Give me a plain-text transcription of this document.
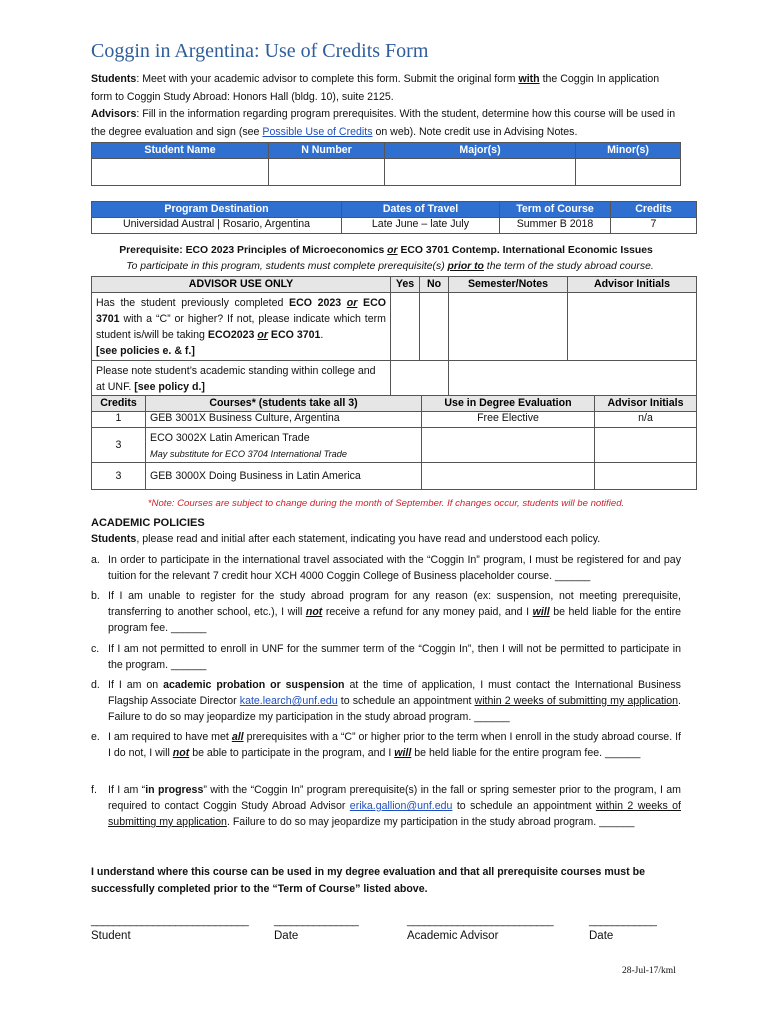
Coggin in Argentina: Use of Credits Form
Students: Meet with your academic advisor to complete this form. Submit the original form with the Coggin In application form to Coggin Study Abroad: Honors Hall (bldg. 10), suite 2125.
Advisors: Fill in the information regarding program prerequisites. With the student, determine how this course will be used in the degree evaluation and sign (see Possible Use of Credits on web). Note credit use in Advising Notes.
Student Name	N Number	Major(s)	Minor(s)

Program Destination	Dates of Travel	Term of Course	Credits
Universidad Austral | Rosario, Argentina	Late June – late July	Summer B 2018	7
Prerequisite: ECO 2023 Principles of Microeconomics or ECO 3701 Contemp. International Economic Issues
To participate in this program, students must complete prerequisite(s) prior to the term of the study abroad course.
ADVISOR USE ONLY	Yes	No	Semester/Notes	Advisor Initials
Has the student previously completed ECO 2023 or ECO 3701 with a “C” or higher? If not, please indicate which term student is/will be taking ECO2023 or ECO 3701.
[see policies e. & f.]				
Please note student’s academic standing within college and at UNF. [see policy d.]				
Credits	Courses* (students take all 3)	Use in Degree Evaluation	Advisor Initials
1	GEB 3001X Business Culture, Argentina	Free Elective	n/a
3	ECO 3002X Latin American Trade
May substitute for ECO 3704 International Trade		

3	GEB 3000X Doing Business in Latin America		
*Note: Courses are subject to change during the month of September. If changes occur, students will be notified.
ACADEMIC POLICIES
Students, please read and initial after each statement, indicating you have read and understood each policy.
a. In order to participate in the international travel associated with the “Coggin In” program, I must be registered for and pay tuition for the relevant 7 credit hour XCH 4000 Coggin College of Business placeholder course. ______
b. If I am unable to register for the study abroad program for any reason (ex: suspension, not meeting prerequisite, transferring to another school, etc.), I will not receive a refund for any money paid, and I will be held liable for the entire program fee. ______
c. If I am not permitted to enroll in UNF for the summer term of the “Coggin In”, then I will not be permitted to participate in the program. ______
d. If I am on academic probation or suspension at the time of application, I must contact the International Business Flagship Associate Director kate.learch@unf.edu to schedule an appointment within 2 weeks of submitting my application. Failure to do so may jeopardize my participation in the study abroad program. ______
e. I am required to have met all prerequisites with a “C” or higher prior to the term when I enroll in the study abroad course. If I do not, I will not be able to participate in the program, and I will be held liable for the entire program fee. ______
f. If I am “in progress” with the “Coggin In” program prerequisite(s) in the fall or spring semester prior to the program, I am required to contact Coggin Study Abroad Advisor erika.gallion@unf.edu to schedule an appointment within 2 weeks of submitting my application. Failure to do so may jeopardize my participation in the study abroad program. ______
I understand where this course can be used in my degree evaluation and that all prerequisite courses must be successfully completed prior to the “Term of Course” listed above.
____________________________
Student
_______________
Date
__________________________
Academic Advisor
____________
Date
28-Jul-17/kml
